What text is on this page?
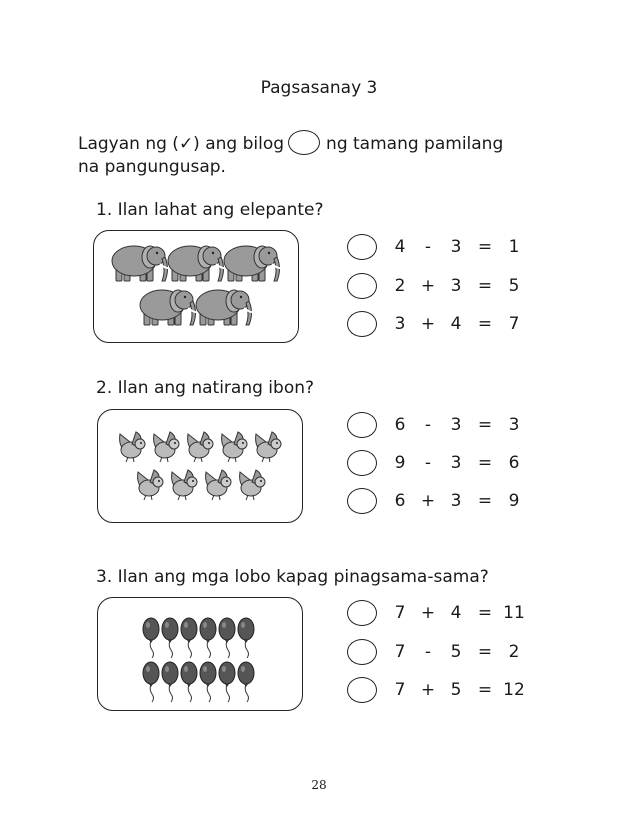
Pagsasanay 3
Lagyan ng (✓) ang bilog ng tamang pamilang
na pangungusap.
1. Ilan lahat ang elepante?
4	-	3 = 1
2 + 3 = 5
3 + 4 = 7
2. Ilan ang natirang ibon?
6	-	3 = 3
9	-	3 = 6
6 + 3 = 9
3. Ilan ang mga lobo kapag pinagsama-sama?
7 + 4 = 11
7	-	5 = 2
7 + 5 = 12
28
